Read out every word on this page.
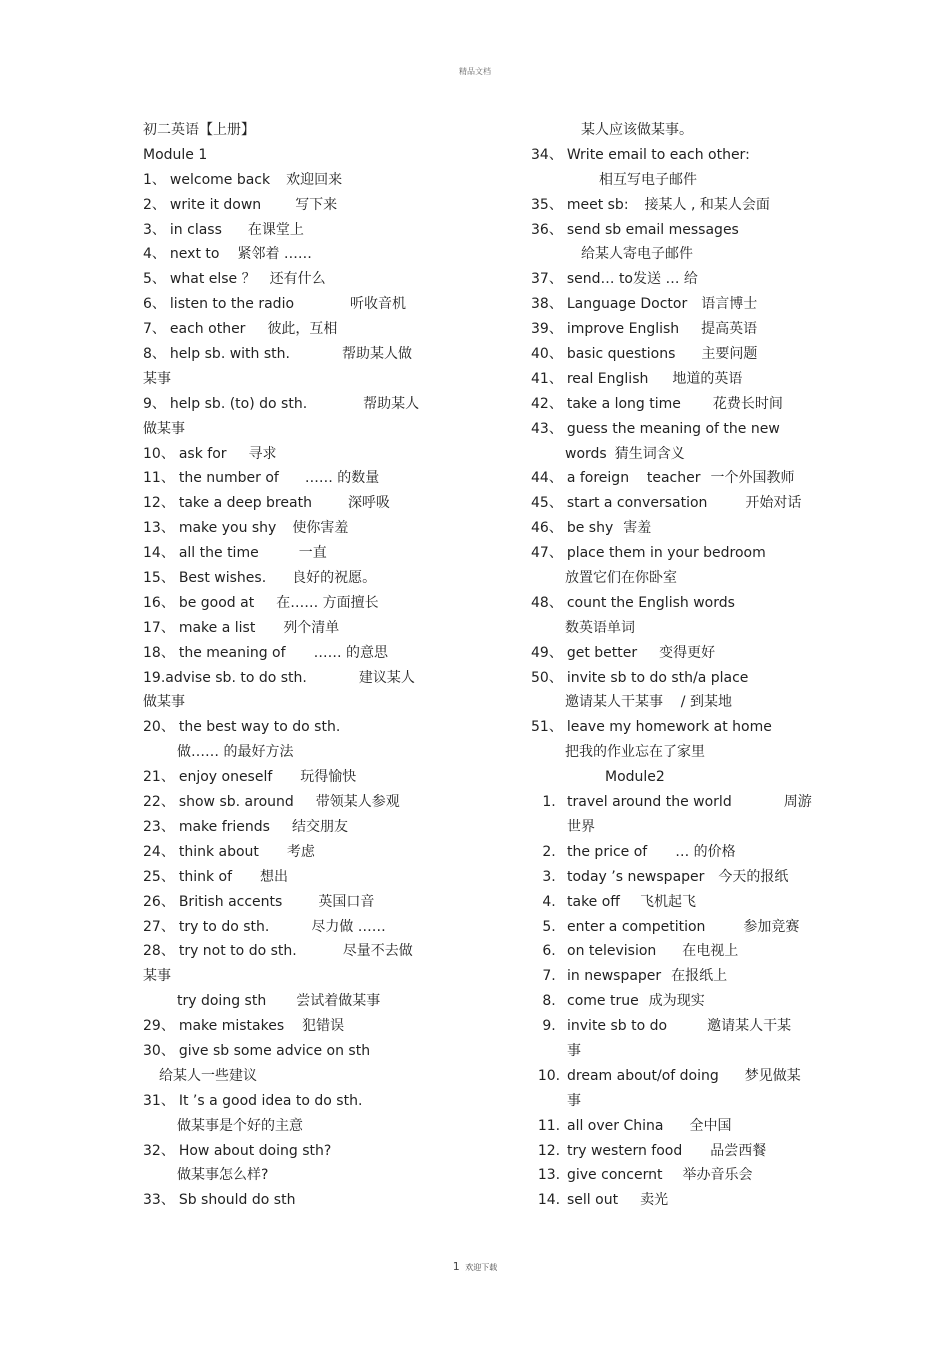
精品文档
初二英语【上册】
Module 1
1、 welcome back 欢迎回来
2、 write it down 写下来
3、 in class 在课堂上
4、 next to 紧邻着 ……
5、 what else ？ 还有什么
6、 listen to the radio	听收音机
7、 each other 彼此，互相
8、 help sb. with sth.	帮助某人做
某事
9、 help sb. (to) do sth.	帮助某人
做某事
10、 ask for 寻求
11、 the number of …… 的数量
12、 take a deep breath	深呼吸
13、 make you shy 使你害羞
14、 all the time	一直
15、 Best wishes. 良好的祝愿。
16、 be good at 在…… 方面擅长
17、 make a list 列个清单
18、 the meaning of …… 的意思
19.advise sb. to do sth.	建议某人
做某事
20、 the best way to do sth.
做…… 的最好方法
21、 enjoy oneself 玩得愉快
22、 show sb. around 带领某人参观
23、 make friends 结交朋友
24、 think about 考虑
25、 think of 想出
26、 British accents	英国口音
27、 try to do sth.	尽力做 ……
28、 try not to do sth.	尽量不去做
某事
try doing sth 尝试着做某事
29、 make mistakes 犯错误
30、 give sb some advice on sth
给某人一些建议
31、 It ’s a good idea to do sth.
做某事是个好的主意
32、 How about doing sth?
做某事怎么样?
33、 Sb should do sth
某人应该做某事。
34、 Write email to each other:
相互写电子邮件
35、 meet sb: 接某人 , 和某人会面
36、 send sb email messages
给某人寄电子邮件
37、 send… to发送 … 给
38、 Language Doctor 语言博士
39、 improve English 提高英语
40、 basic questions 主要问题
41、 real English 地道的英语
42、 take a long time 花费长时间
43、 guess the meaning of the new
words 猜生词含义
44、 a foreign    teacher 一个外国教师
45、 start a conversation	开始对话
46、 be shy 害羞
47、 place them in your bedroom
放置它们在你卧室
48、 count the English words
数英语单词
49、 get better 变得更好
50、 invite sb to do sth/a place
邀请某人干某事    / 到某地
51、 leave my homework at home
把我的作业忘在了家里
Module2
1. travel around the world	周游
世界
2. the price of … 的价格
3. today ’s newspaper 今天的报纸
4. take off 飞机起飞
5. enter a competition	参加竞赛
6. on television 在电视上
7. in newspaper 在报纸上
8. come true 成为现实
9. invite sb to do	邀请某人干某
事
10. dream about/of doing 梦见做某
事
11. all over China 全中国
12. try western food 品尝西餐
13. give concernt 举办音乐会
14. sell out 卖光
1 欢迎下载
